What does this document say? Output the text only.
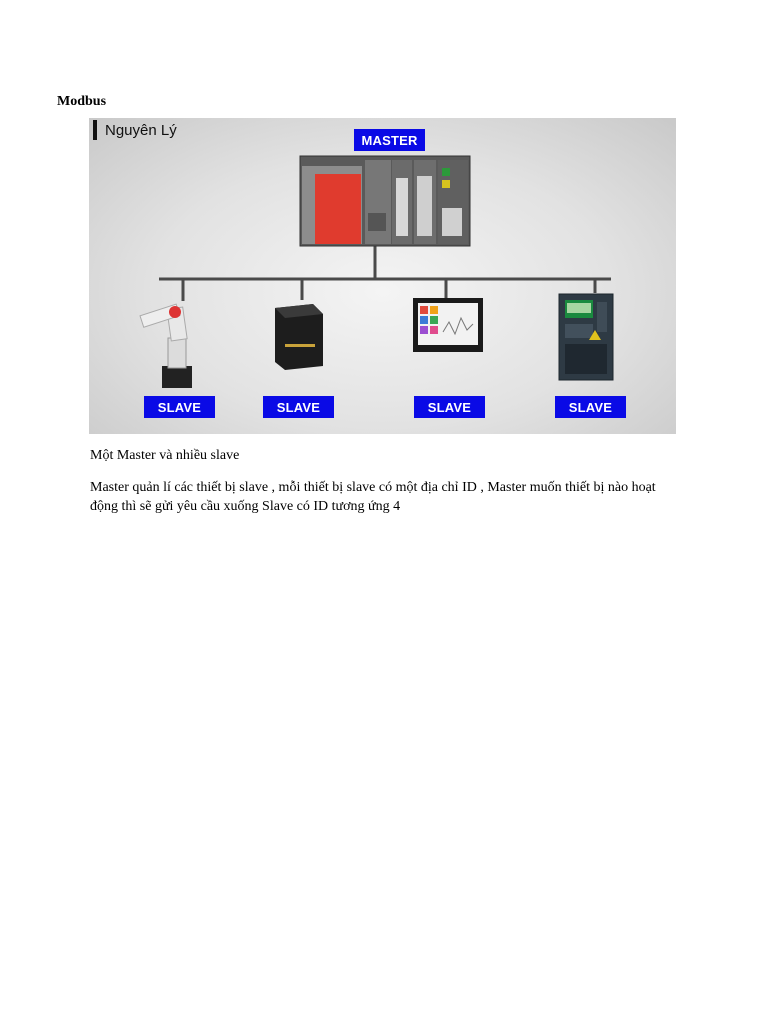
Modbus
Nguyên Lý
MASTER
SLAVE	SLAVE	SLAVE	SLAVE
Một Master và nhiều slave
Master quản lí các thiết bị slave , mỗi thiết bị slave có một địa chỉ ID , Master muốn thiết bị nào hoạt động thì sẽ gửi yêu cầu xuống Slave có ID tương ứng 4
